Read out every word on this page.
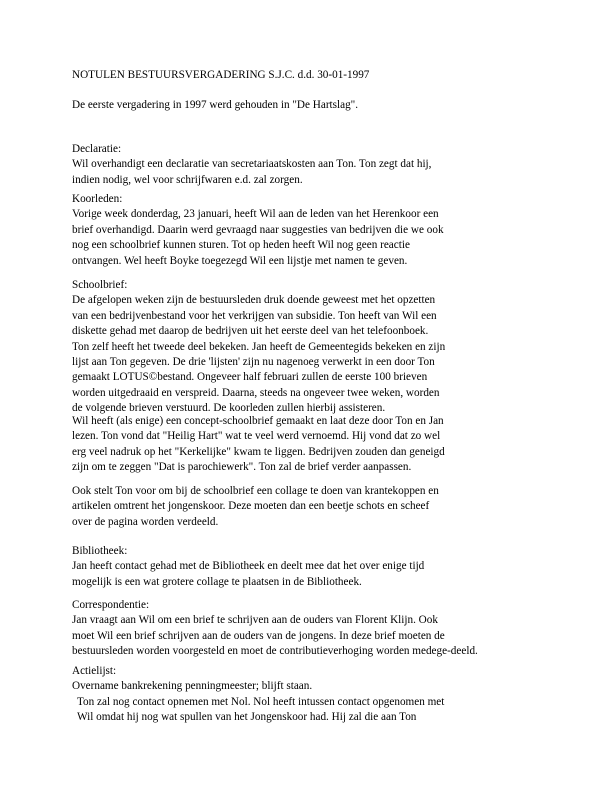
NOTULEN BESTUURSVERGADERING S.J.C. d.d. 30-01-1997

De eerste vergadering in 1997 werd gehouden in "De Hartslag".

Declaratie:
Wil overhandigt een declaratie van secretariaatskosten aan Ton. Ton zegt dat hij,
indien nodig, wel voor schrijfwaren e.d. zal zorgen.
Koorleden:
Vorige week donderdag, 23 januari, heeft Wil aan de leden van het Herenkoor een
brief overhandigd. Daarin werd gevraagd naar suggesties van bedrijven die we ook
nog een schoolbrief kunnen sturen. Tot op heden heeft Wil nog geen reactie
ontvangen. Wel heeft Boyke toegezegd Wil een lijstje met namen te geven.
Schoolbrief:
De afgelopen weken zijn de bestuursleden druk doende geweest met het opzetten
van een bedrijvenbestand voor het verkrijgen van subsidie. Ton heeft van Wil een
diskette gehad met daarop de bedrijven uit het eerste deel van het telefoonboek.
Ton zelf heeft het tweede deel bekeken. Jan heeft de Gemeentegids bekeken en zijn
lijst aan Ton gegeven. De drie 'lijsten' zijn nu nagenoeg verwerkt in een door Ton
gemaakt LOTUS©bestand. Ongeveer half februari zullen de eerste 100 brieven
worden uitgedraaid en verspreid. Daarna, steeds na ongeveer twee weken, worden
de volgende brieven verstuurd. De koorleden zullen hierbij assisteren.
Wil heeft (als enige) een concept-schoolbrief gemaakt en laat deze door Ton en Jan
lezen. Ton vond dat "Heilig Hart" wat te veel werd vernoemd. Hij vond dat zo wel
erg veel nadruk op het "Kerkelijke" kwam te liggen. Bedrijven zouden dan geneigd
zijn om te zeggen "Dat is parochiewerk". Ton zal de brief verder aanpassen.
Ook stelt Ton voor om bij de schoolbrief een collage te doen van krantekoppen en
artikelen omtrent het jongenskoor. Deze moeten dan een beetje schots en scheef
over de pagina worden verdeeld.
Bibliotheek:
Jan heeft contact gehad met de Bibliotheek en deelt mee dat het over enige tijd
mogelijk is een wat grotere collage te plaatsen in de Bibliotheek.
Correspondentie:
Jan vraagt aan Wil om een brief te schrijven aan de ouders van Florent Klijn. Ook
moet Wil een brief schrijven aan de ouders van de jongens. In deze brief moeten de
bestuursleden worden voorgesteld en moet de contributieverhoging worden medege-deeld.
Actielijst:
Overname bankrekening penningmeester; blijft staan.
Ton zal nog contact opnemen met Nol. Nol heeft intussen contact opgenomen met
Wil omdat hij nog wat spullen van het Jongenskoor had. Hij zal die aan Ton
